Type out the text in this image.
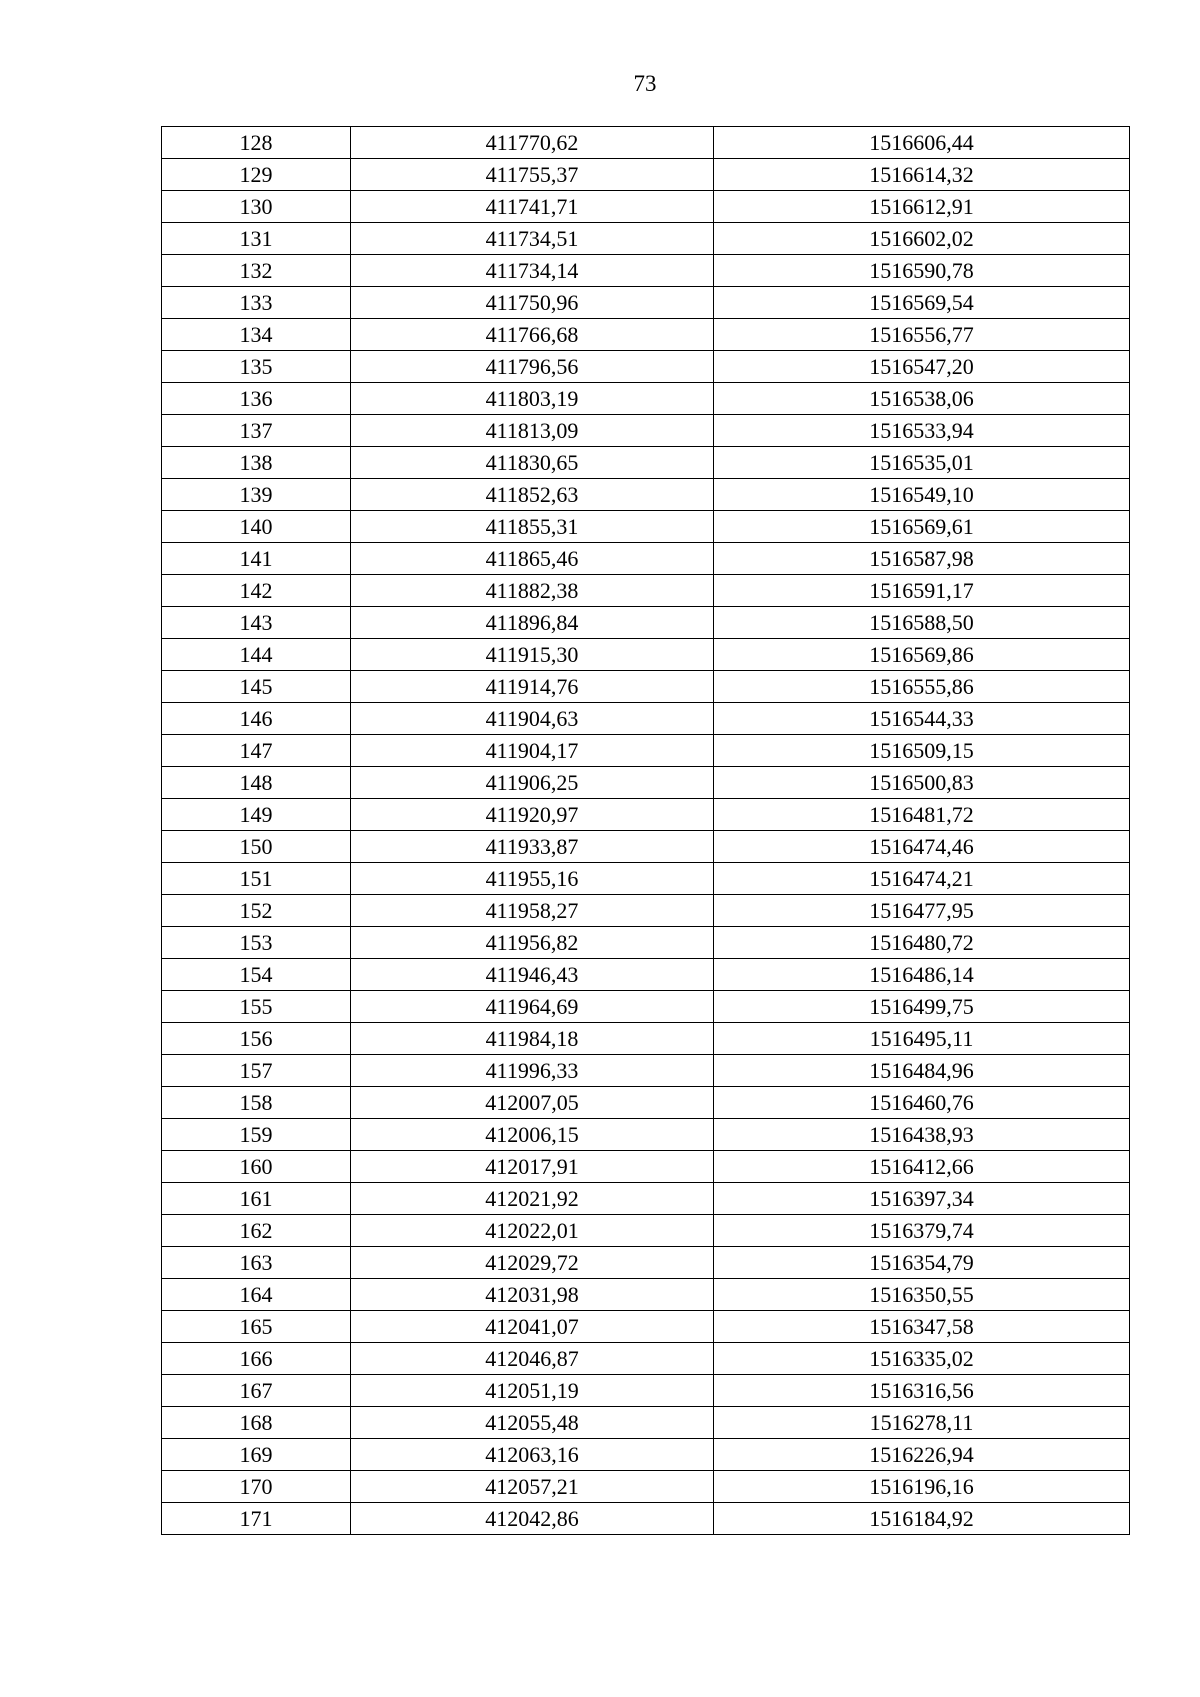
73
128	411770,62	1516606,44
129	411755,37	1516614,32
130	411741,71	1516612,91
131	411734,51	1516602,02
132	411734,14	1516590,78
133	411750,96	1516569,54
134	411766,68	1516556,77
135	411796,56	1516547,20
136	411803,19	1516538,06
137	411813,09	1516533,94
138	411830,65	1516535,01
139	411852,63	1516549,10
140	411855,31	1516569,61
141	411865,46	1516587,98
142	411882,38	1516591,17
143	411896,84	1516588,50
144	411915,30	1516569,86
145	411914,76	1516555,86
146	411904,63	1516544,33
147	411904,17	1516509,15
148	411906,25	1516500,83
149	411920,97	1516481,72
150	411933,87	1516474,46
151	411955,16	1516474,21
152	411958,27	1516477,95
153	411956,82	1516480,72
154	411946,43	1516486,14
155	411964,69	1516499,75
156	411984,18	1516495,11
157	411996,33	1516484,96
158	412007,05	1516460,76
159	412006,15	1516438,93
160	412017,91	1516412,66
161	412021,92	1516397,34
162	412022,01	1516379,74
163	412029,72	1516354,79
164	412031,98	1516350,55
165	412041,07	1516347,58
166	412046,87	1516335,02
167	412051,19	1516316,56
168	412055,48	1516278,11
169	412063,16	1516226,94
170	412057,21	1516196,16
171	412042,86	1516184,92
